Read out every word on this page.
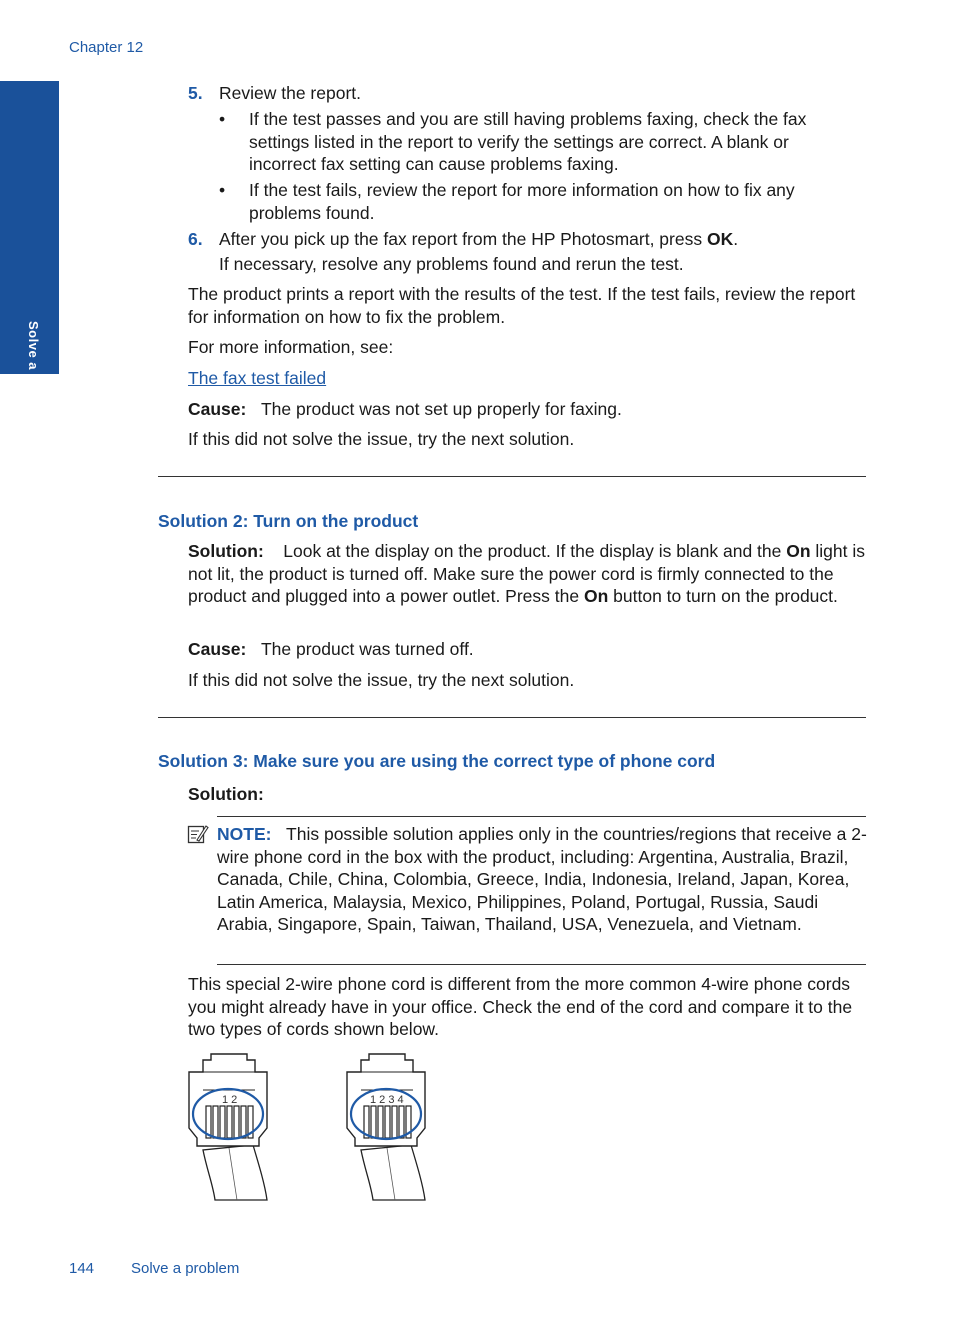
Chapter 12
Solve a problem
5. Review the report.
• If the test passes and you are still having problems faxing, check the fax settings listed in the report to verify the settings are correct. A blank or incorrect fax setting can cause problems faxing.
• If the test fails, review the report for more information on how to fix any problems found.
6. After you pick up the fax report from the HP Photosmart, press OK.
If necessary, resolve any problems found and rerun the test.
The product prints a report with the results of the test. If the test fails, review the report for information on how to fix the problem.
For more information, see:
The fax test failed
Cause: The product was not set up properly for faxing.
If this did not solve the issue, try the next solution.
Solution 2: Turn on the product
Solution: Look at the display on the product. If the display is blank and the On light is not lit, the product is turned off. Make sure the power cord is firmly connected to the product and plugged into a power outlet. Press the On button to turn on the product.
Cause: The product was turned off.
If this did not solve the issue, try the next solution.
Solution 3: Make sure you are using the correct type of phone cord
Solution:
NOTE: This possible solution applies only in the countries/regions that receive a 2-wire phone cord in the box with the product, including: Argentina, Australia, Brazil, Canada, Chile, China, Colombia, Greece, India, Indonesia, Ireland, Japan, Korea, Latin America, Malaysia, Mexico, Philippines, Poland, Portugal, Russia, Saudi Arabia, Singapore, Spain, Taiwan, Thailand, USA, Venezuela, and Vietnam.
This special 2-wire phone cord is different from the more common 4-wire phone cords you might already have in your office. Check the end of the cord and compare it to the two types of cords shown below.
1 2	1 2 3 4
144 Solve a problem
